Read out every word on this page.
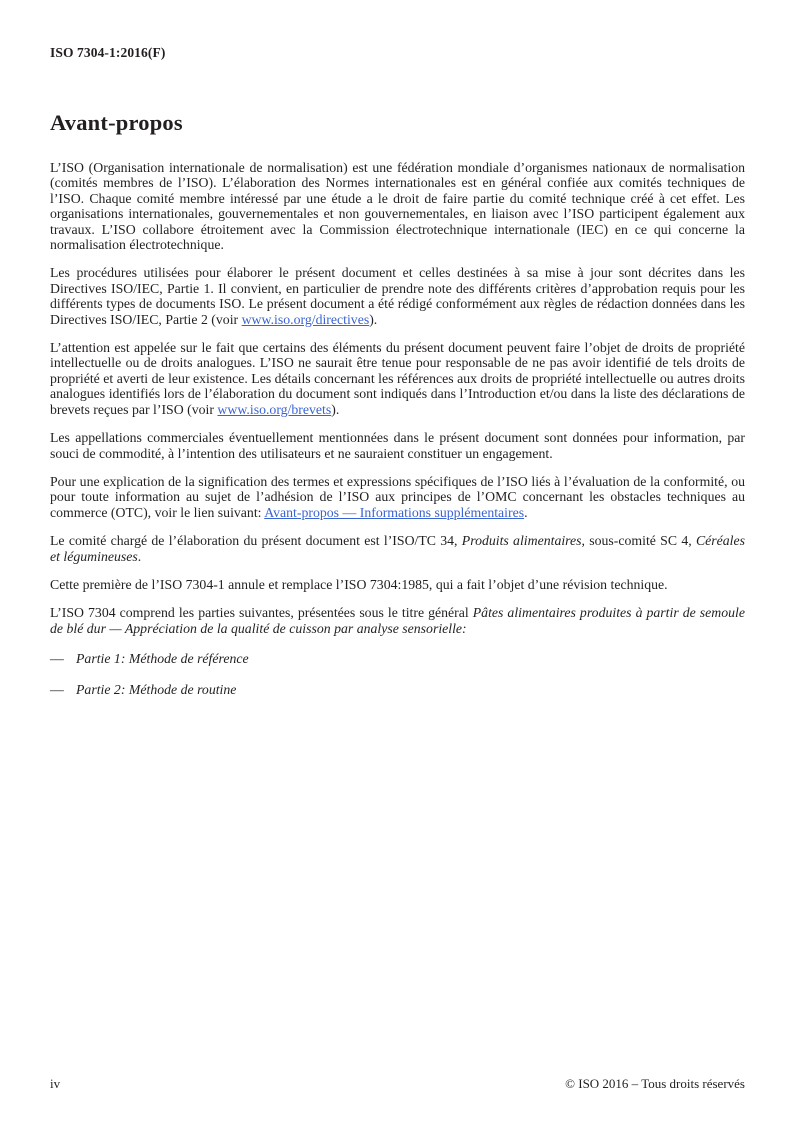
ISO 7304-1:2016(F)
Avant-propos

L’ISO (Organisation internationale de normalisation) est une fédération mondiale d’organismes nationaux de normalisation (comités membres de l’ISO). L’élaboration des Normes internationales est en général confiée aux comités techniques de l’ISO. Chaque comité membre intéressé par une étude a le droit de faire partie du comité technique créé à cet effet. Les organisations internationales, gouvernementales et non gouvernementales, en liaison avec l’ISO participent également aux travaux. L’ISO collabore étroitement avec la Commission électrotechnique internationale (IEC) en ce qui concerne la normalisation électrotechnique.

Les procédures utilisées pour élaborer le présent document et celles destinées à sa mise à jour sont décrites dans les Directives ISO/IEC, Partie 1. Il convient, en particulier de prendre note des différents critères d’approbation requis pour les différents types de documents ISO. Le présent document a été rédigé conformément aux règles de rédaction données dans les Directives ISO/IEC, Partie 2 (voir www.iso.org/directives).

L’attention est appelée sur le fait que certains des éléments du présent document peuvent faire l’objet de droits de propriété intellectuelle ou de droits analogues. L’ISO ne saurait être tenue pour responsable de ne pas avoir identifié de tels droits de propriété et averti de leur existence. Les détails concernant les références aux droits de propriété intellectuelle ou autres droits analogues identifiés lors de l’élaboration du document sont indiqués dans l’Introduction et/ou dans la liste des déclarations de brevets reçues par l’ISO (voir www.iso.org/brevets).

Les appellations commerciales éventuellement mentionnées dans le présent document sont données pour information, par souci de commodité, à l’intention des utilisateurs et ne sauraient constituer un engagement.

Pour une explication de la signification des termes et expressions spécifiques de l’ISO liés à l’évaluation de la conformité, ou pour toute information au sujet de l’adhésion de l’ISO aux principes de l’OMC concernant les obstacles techniques au commerce (OTC), voir le lien suivant: Avant-propos — Informations supplémentaires.

Le comité chargé de l’élaboration du présent document est l’ISO/TC 34, Produits alimentaires, sous-comité SC 4, Céréales et légumineuses.

Cette première de l’ISO 7304-1 annule et remplace l’ISO 7304:1985, qui a fait l’objet d’une révision technique.

L’ISO 7304 comprend les parties suivantes, présentées sous le titre général Pâtes alimentaires produites à partir de semoule de blé dur — Appréciation de la qualité de cuisson par analyse sensorielle:

— Partie 1: Méthode de référence
— Partie 2: Méthode de routine
iv	© ISO 2016 – Tous droits réservés
